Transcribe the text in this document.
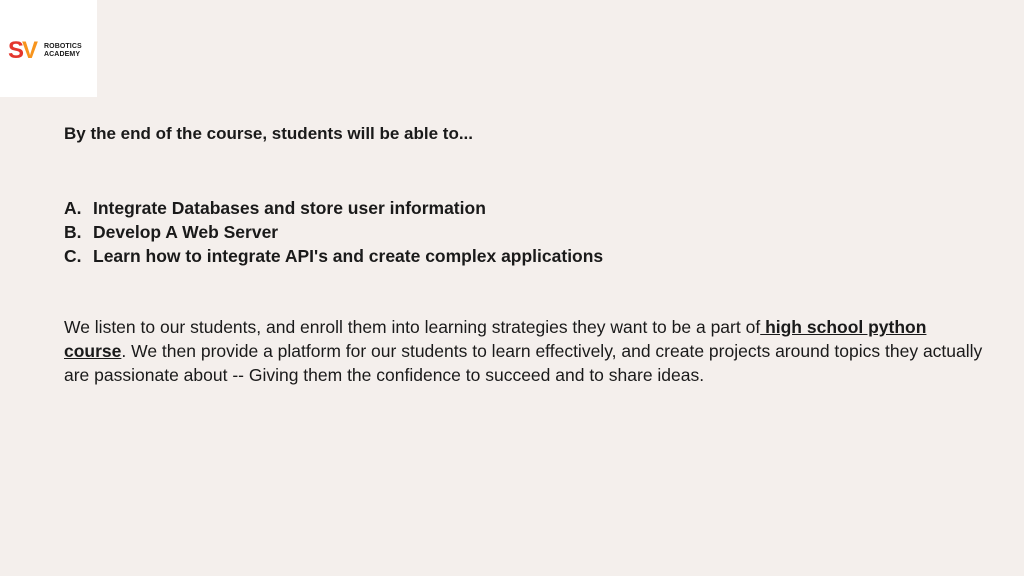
SV ROBOTICS
ACADEMY

By the end of the course, students will be able to...

A. Integrate Databases and store user information
B. Develop A Web Server
C. Learn how to integrate API's and create complex applications

We listen to our students, and enroll them into learning strategies they want to be a part of high school python course. We then provide a platform for our students to learn effectively, and create projects around topics they actually are passionate about -- Giving them the confidence to succeed and to share ideas.
